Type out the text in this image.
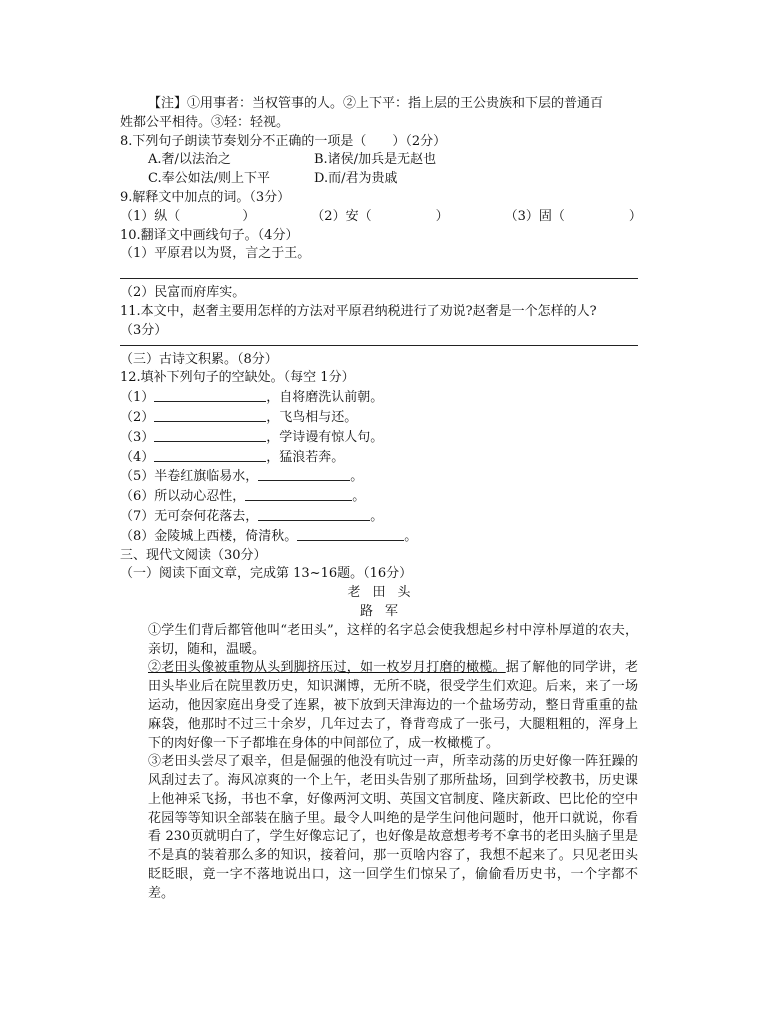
【注】①用事者：当权管事的人。②上下平：指上层的王公贵族和下层的普通百
姓都公平相待。③轻：轻视。
8.下列句子朗读节奏划分不正确的一项是（　　）（2分）
A.奢/以法治之	B.诸侯/加兵是无赵也
C.奉公如法/则上下平	D.而/君为贵戚
9.解释文中加点的词。（3分）
（1）纵（	）	（2）安（	）	（3）固（	）
10.翻译文中画线句子。（4分）
（1）平原君以为贤，言之于王。
（2）民富而府库实。
11.本文中，赵奢主要用怎样的方法对平原君纳税进行了劝说?赵奢是一个怎样的人?
（3分）
（三）古诗文积累。（8分）
12.填补下列句子的空缺处。（每空 1分）
（1）	，自将磨洗认前朝。
（2）	，飞鸟相与还。
（3）	，学诗谩有惊人句。
（4）	，猛浪若奔。
（5）半卷红旗临易水，	。
（6）所以动心忍性，	。
（7）无可奈何花落去，	。
（8）金陵城上西楼，倚清秋。	。
三、现代文阅读（30分）
（一）阅读下面文章，完成第 13~16题。（16分）
老田头
路军
①学生们背后都管他叫“老田头”，这样的名字总会使我想起乡村中淳朴厚道的农夫，亲切，随和，温暖。
②老田头像被重物从头到脚挤压过，如一枚岁月打磨的橄榄。据了解他的同学讲，老田头毕业后在院里教历史，知识渊博，无所不晓，很受学生们欢迎。后来，来了一场运动，他因家庭出身受了连累，被下放到天津海边的一个盐场劳动，整日背重重的盐麻袋，他那时不过三十余岁，几年过去了，脊背弯成了一张弓，大腿粗粗的，浑身上下的肉好像一下子都堆在身体的中间部位了，成一枚橄榄了。
③老田头尝尽了艰辛，但是倔强的他没有吭过一声，所幸动荡的历史好像一阵狂躁的风刮过去了。海风凉爽的一个上午，老田头告别了那所盐场，回到学校教书，历史课上他神采飞扬，书也不拿，好像两河文明、英国文官制度、隆庆新政、巴比伦的空中花园等等知识全部装在脑子里。最令人叫绝的是学生问他问题时，他开口就说，你看看 230页就明白了，学生好像忘记了，也好像是故意想考考不拿书的老田头脑子里是不是真的装着那么多的知识，接着问，那一页啥内容了，我想不起来了。只见老田头眨眨眼，竟一字不落地说出口，这一回学生们惊呆了，偷偷看历史书，一个字都不差。
